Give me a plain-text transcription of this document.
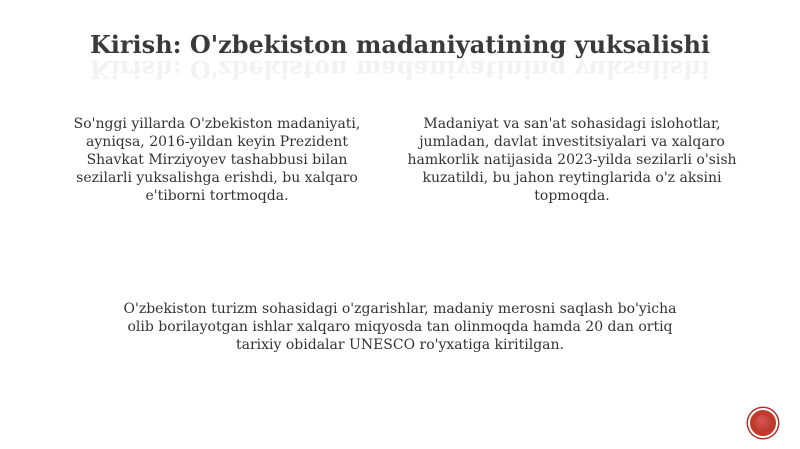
Kirish: O'zbekiston madaniyatining yuksalishi
Kirish: O'zbekiston madaniyatining yuksalishi

So'nggi yillarda O'zbekiston madaniyati, ayniqsa, 2016-yildan keyin Prezident Shavkat Mirziyoyev tashabbusi bilan sezilarli yuksalishga erishdi, bu xalqaro e'tiborni tortmoqda.

Madaniyat va san'at sohasidagi islohotlar, jumladan, davlat investitsiyalari va xalqaro hamkorlik natijasida 2023-yilda sezilarli o'sish kuzatildi, bu jahon reytinglarida o'z aksini topmoqda.

O'zbekiston turizm sohasidagi o'zgarishlar, madaniy merosni saqlash bo'yicha olib borilayotgan ishlar xalqaro miqyosda tan olinmoqda hamda 20 dan ortiq tarixiy obidalar UNESCO ro'yxatiga kiritilgan.
